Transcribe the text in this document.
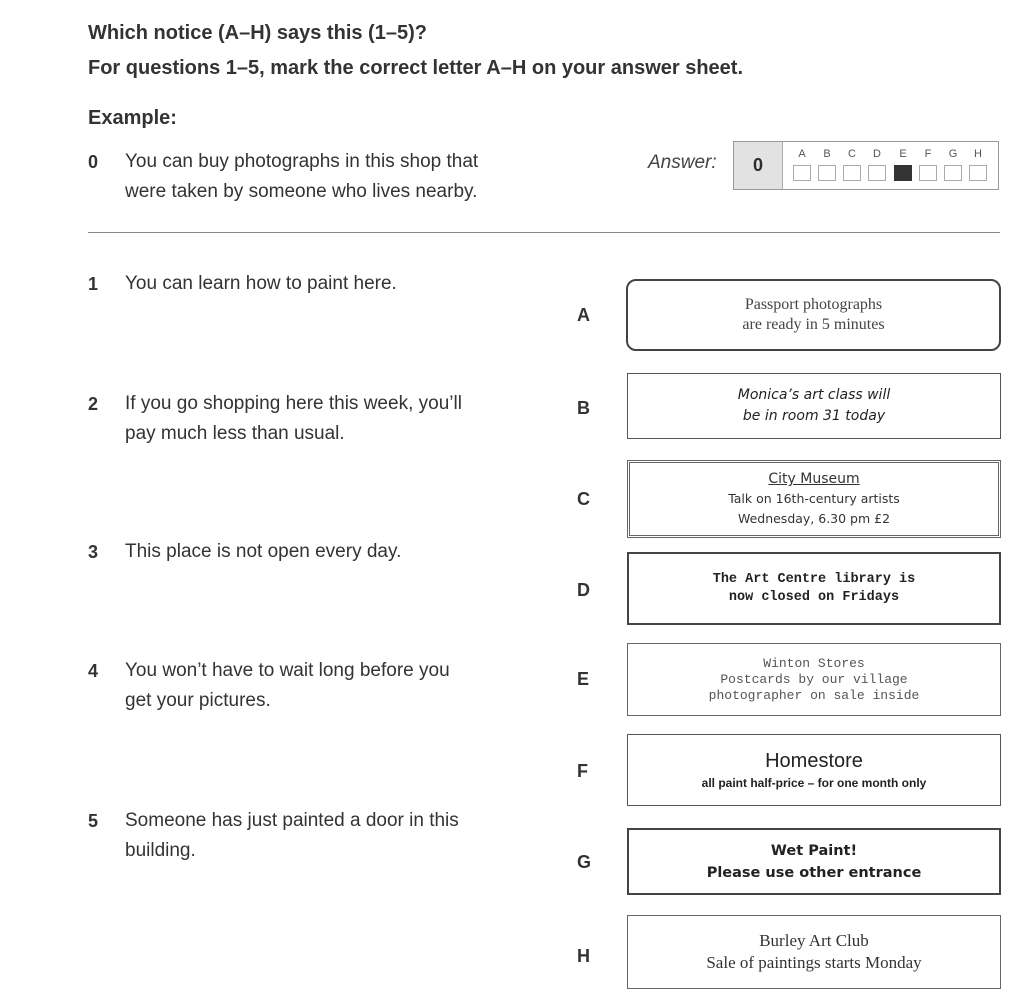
Which notice (A–H) says this (1–5)?
For questions 1–5, mark the correct letter A–H on your answer sheet.
Example:
0 You can buy photographs in this shop that
were taken by someone who lives nearby.
Answer:	0
A	B	C	D	E	F	G	H
1 You can learn how to paint here.
2 If you go shopping here this week, you’ll
pay much less than usual.
3 This place is not open every day.
4 You won’t have to wait long before you
get your pictures.
5 Someone has just painted a door in this
building.
A
B
C
D
E
F
G
H
Passport photographs
are ready in 5 minutes
Monica’s art class will
be in room 31 today
City Museum
Talk on 16th-century artists
Wednesday, 6.30 pm £2
The Art Centre library is
now closed on Fridays
Winton Stores
Postcards by our village
photographer on sale inside
Homestore
all paint half-price – for one month only
Wet Paint!
Please use other entrance
Burley Art Club
Sale of paintings starts Monday
